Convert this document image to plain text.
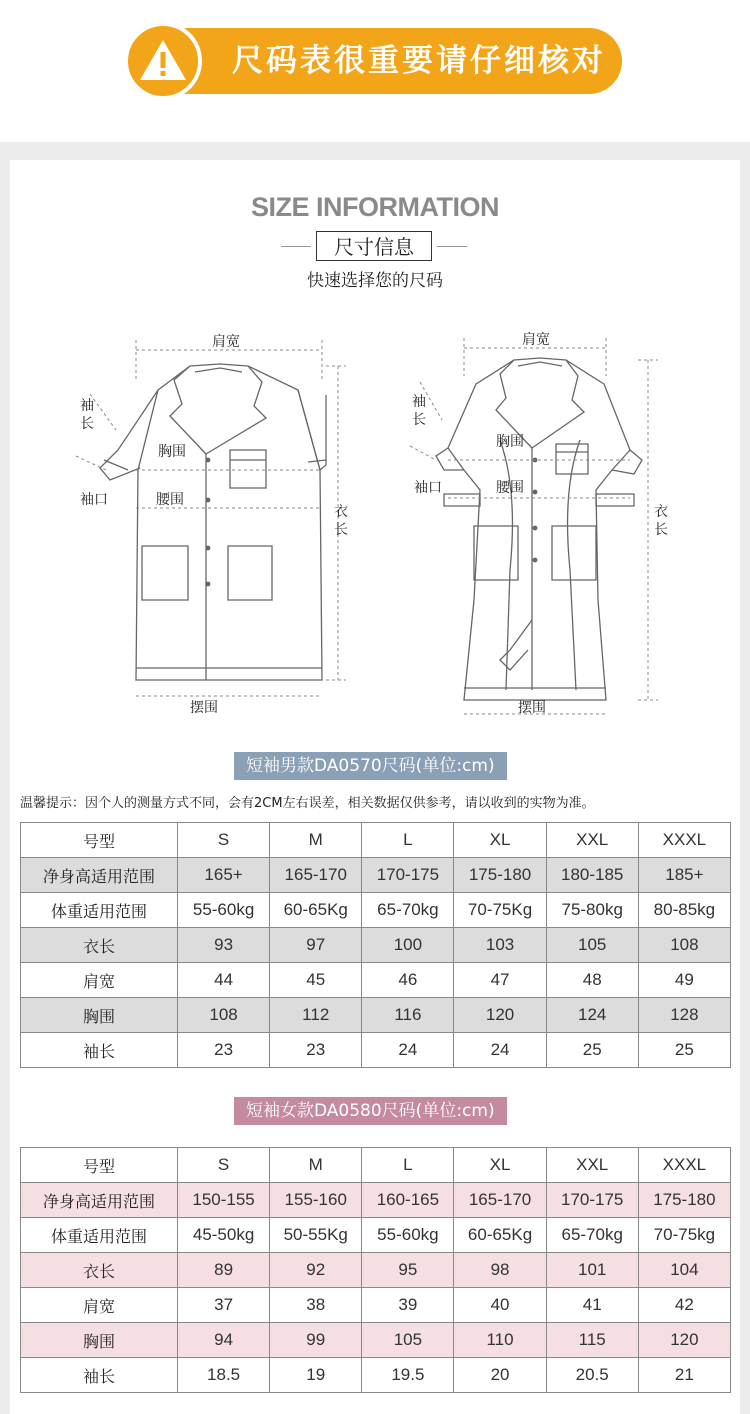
尺码表很重要请仔细核对
SIZE INFORMATION
尺寸信息
快速选择您的尺码
肩宽
袖
长
胸围
袖口	腰围
衣
长
摆围
肩宽
袖
长
胸围
袖口	腰围
衣
长
摆围
短袖男款DA0570尺码(单位:cm)
温馨提示：因个人的测量方式不同，会有2CM左右误差，相关数据仅供参考，请以收到的实物为准。
号型	S	M	L	XL	XXL	XXXL
净身高适用范围	165+	165-170	170-175	175-180	180-185	185+
体重适用范围	55-60kg	60-65Kg	65-70kg	70-75Kg	75-80kg	80-85kg
衣长	93	97	100	103	105	108
肩宽	44	45	46	47	48	49
胸围	108	112	116	120	124	128
袖长	23	23	24	24	25	25
短袖女款DA0580尺码(单位:cm)
号型	S	M	L	XL	XXL	XXXL
净身高适用范围	150-155	155-160	160-165	165-170	170-175	175-180
体重适用范围	45-50kg	50-55Kg	55-60kg	60-65Kg	65-70kg	70-75kg
衣长	89	92	95	98	101	104
肩宽	37	38	39	40	41	42
胸围	94	99	105	110	115	120
袖长	18.5	19	19.5	20	20.5	21
